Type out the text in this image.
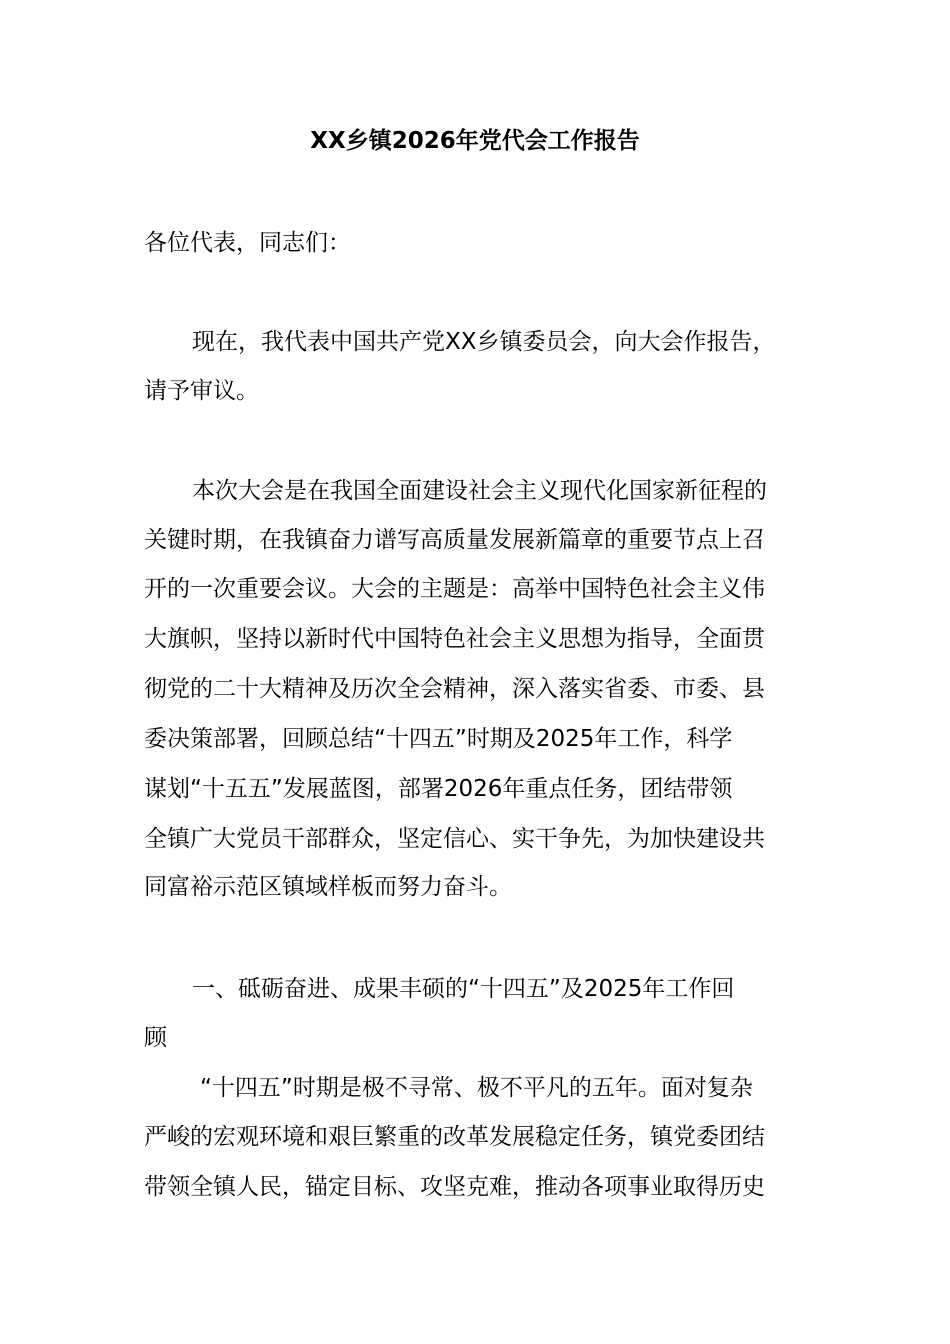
XX乡镇2026年党代会工作报告

各位代表，同志们：

现在，我代表中国共产党XX乡镇委员会，向大会作报告，

请予审议。

本次大会是在我国全面建设社会主义现代化国家新征程的

关键时期，在我镇奋力谱写高质量发展新篇章的重要节点上召

开的一次重要会议。大会的主题是：高举中国特色社会主义伟

大旗帜，坚持以新时代中国特色社会主义思想为指导，全面贯

彻党的二十大精神及历次全会精神，深入落实省委、市委、县

委决策部署，回顾总结“十四五”时期及2025年工作，科学

谋划“十五五”发展蓝图，部署2026年重点任务，团结带领

全镇广大党员干部群众，坚定信心、实干争先，为加快建设共

同富裕示范区镇域样板而努力奋斗。

一、砥砺奋进、成果丰硕的“十四五”及2025年工作回

顾

“十四五”时期是极不寻常、极不平凡的五年。面对复杂

严峻的宏观环境和艰巨繁重的改革发展稳定任务，镇党委团结

带领全镇人民，锚定目标、攻坚克难，推动各项事业取得历史
